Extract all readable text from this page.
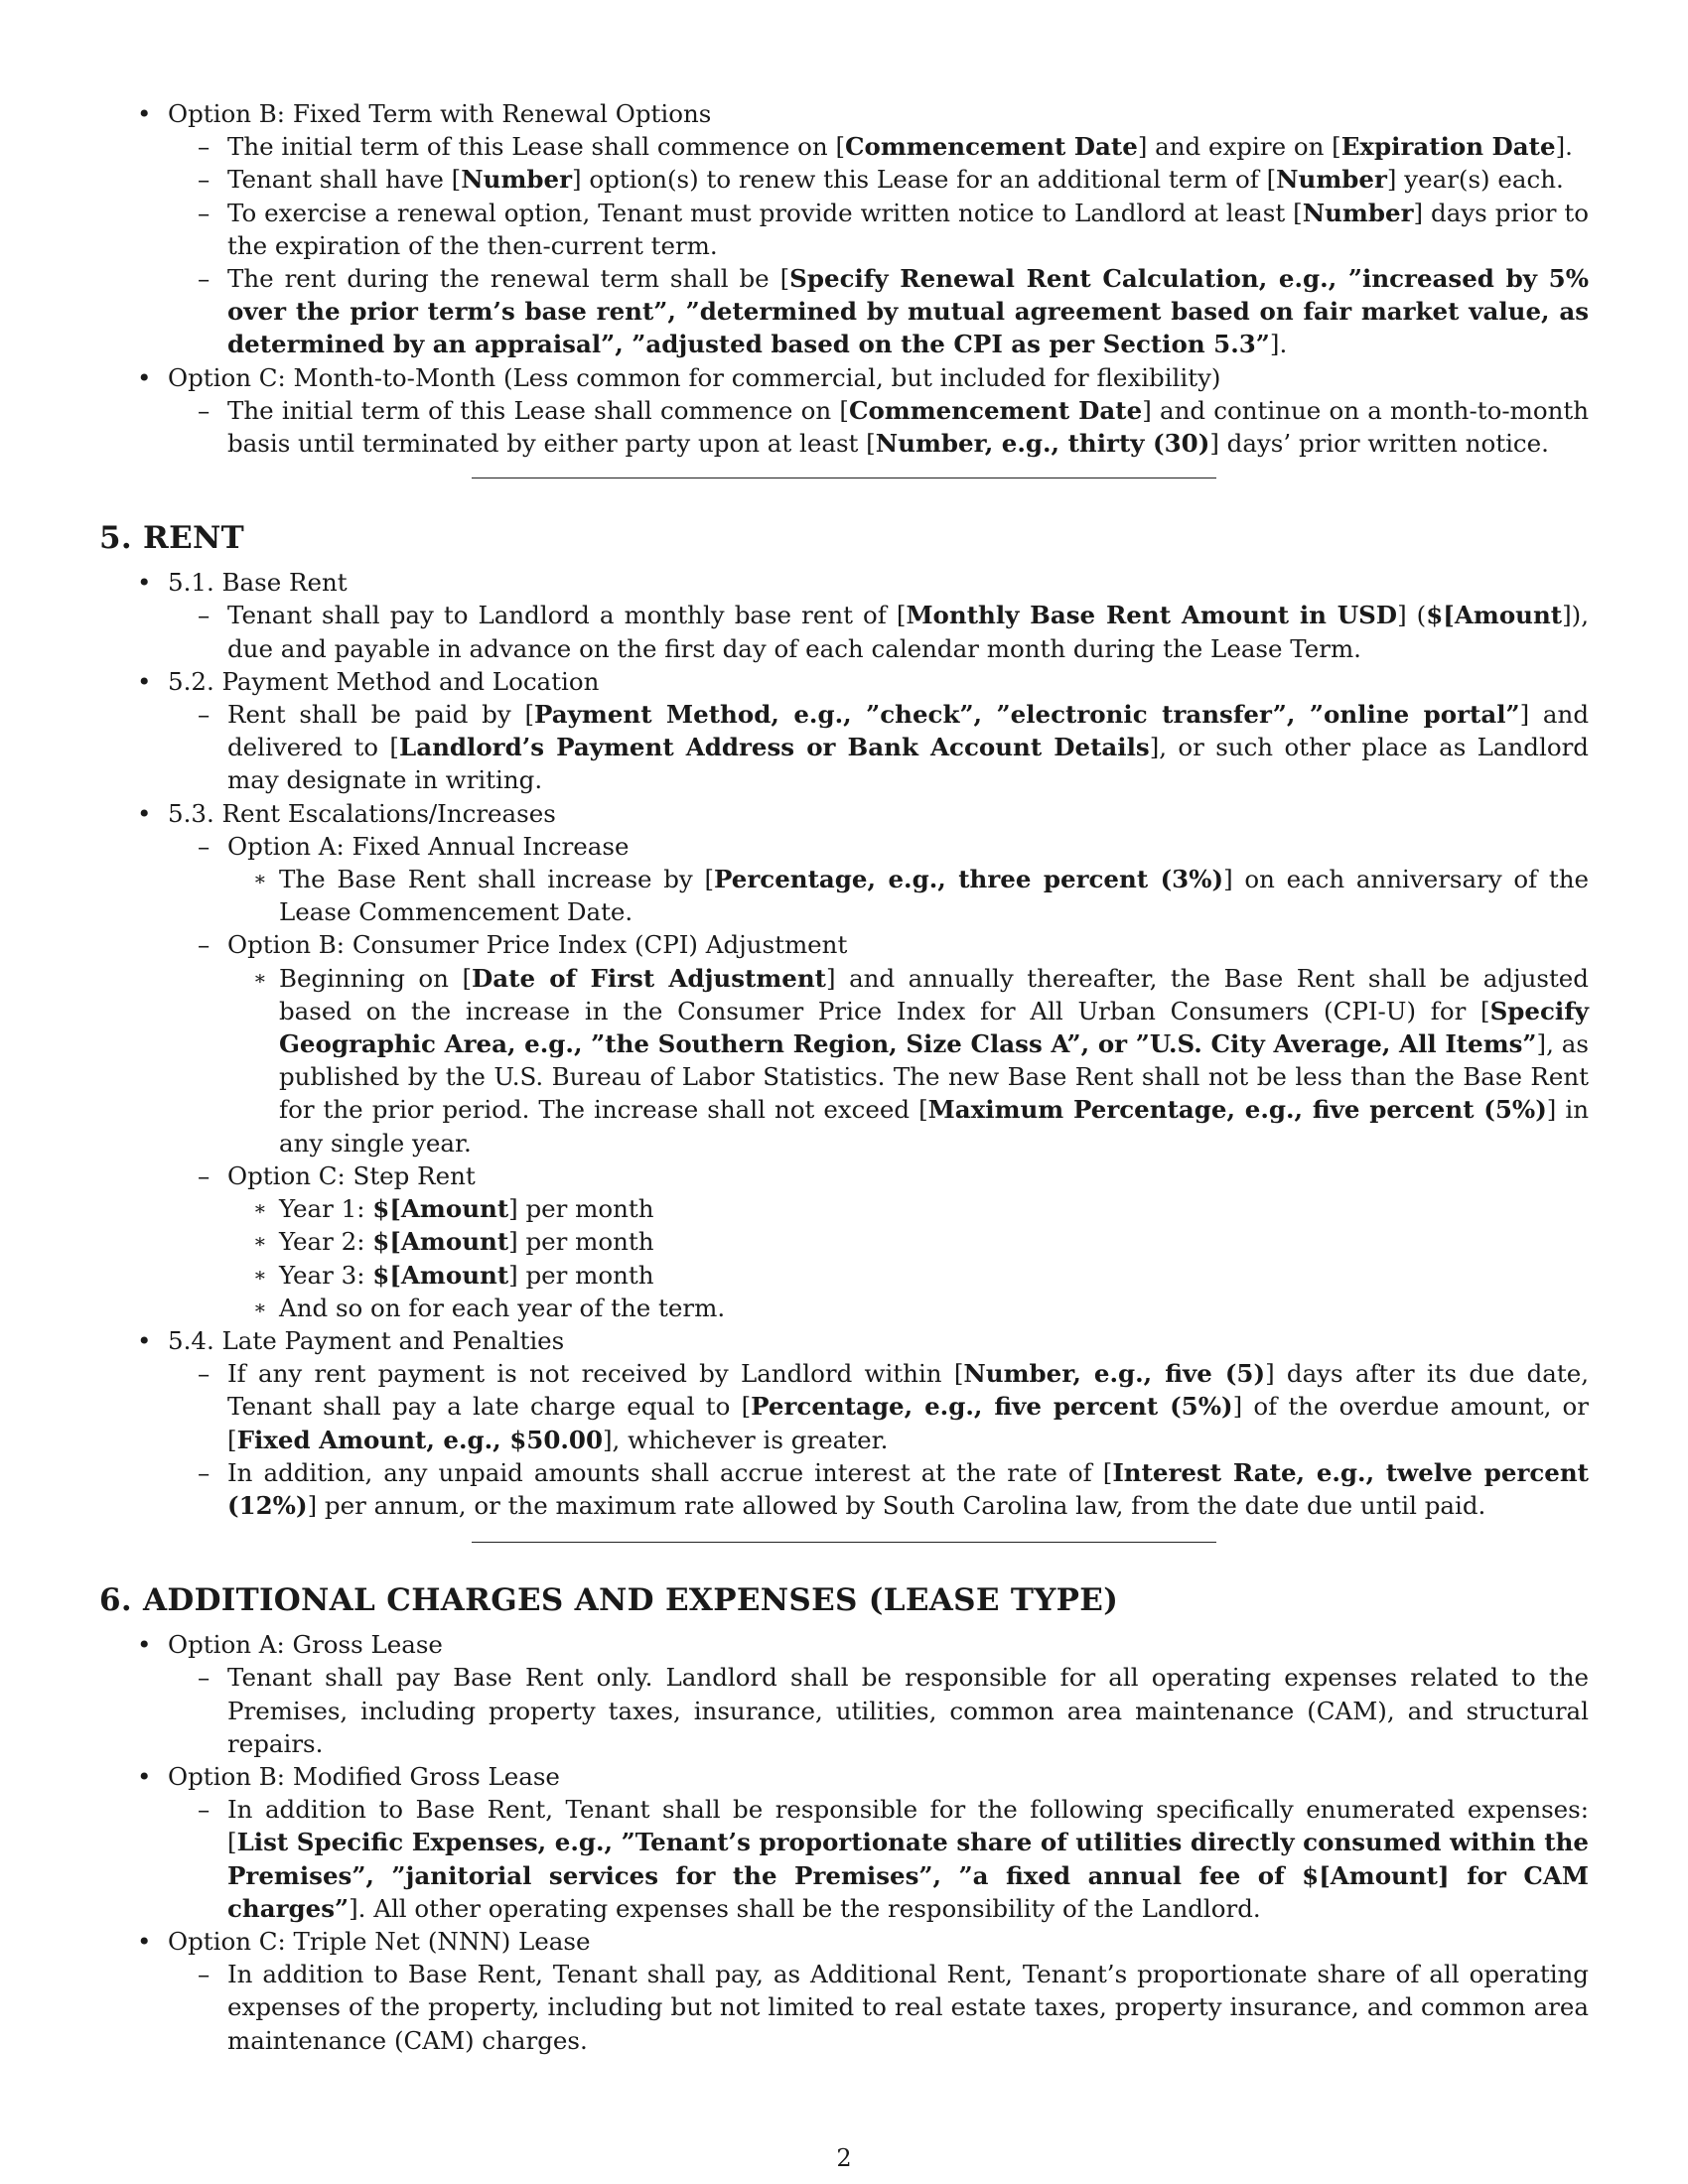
• Option B: Fixed Term with Renewal Options
– The initial term of this Lease shall commence on [Commencement Date] and expire on [Expiration Date].
– Tenant shall have [Number] option(s) to renew this Lease for an additional term of [Number] year(s) each.
– To exercise a renewal option, Tenant must provide written notice to Landlord at least [Number] days prior to the expiration of the then-current term.
– The rent during the renewal term shall be [Specify Renewal Rent Calculation, e.g., ”increased by 5% over the prior term’s base rent”, ”determined by mutual agreement based on fair market value, as determined by an appraisal”, ”adjusted based on the CPI as per Section 5.3”].
• Option C: Month-to-Month (Less common for commercial, but included for flexibility)
– The initial term of this Lease shall commence on [Commencement Date] and continue on a month-to-month basis until terminated by either party upon at least [Number, e.g., thirty (30)] days’ prior written notice.
5. RENT
• 5.1. Base Rent
– Tenant shall pay to Landlord a monthly base rent of [Monthly Base Rent Amount in USD] ($[Amount]), due and payable in advance on the first day of each calendar month during the Lease Term.
• 5.2. Payment Method and Location
– Rent shall be paid by [Payment Method, e.g., ”check”, ”electronic transfer”, ”online portal”] and delivered to [Landlord’s Payment Address or Bank Account Details], or such other place as Landlord may designate in writing.
• 5.3. Rent Escalations/Increases
– Option A: Fixed Annual Increase
∗ The Base Rent shall increase by [Percentage, e.g., three percent (3%)] on each anniversary of the Lease Commencement Date.
– Option B: Consumer Price Index (CPI) Adjustment
∗ Beginning on [Date of First Adjustment] and annually thereafter, the Base Rent shall be adjusted based on the increase in the Consumer Price Index for All Urban Consumers (CPI-U) for [Specify Geographic Area, e.g., ”the Southern Region, Size Class A”, or ”U.S. City Average, All Items”], as published by the U.S. Bureau of Labor Statistics. The new Base Rent shall not be less than the Base Rent for the prior period. The increase shall not exceed [Maximum Percentage, e.g., five percent (5%)] in any single year.
– Option C: Step Rent
∗ Year 1: $[Amount] per month
∗ Year 2: $[Amount] per month
∗ Year 3: $[Amount] per month
∗ And so on for each year of the term.
• 5.4. Late Payment and Penalties
– If any rent payment is not received by Landlord within [Number, e.g., five (5)] days after its due date, Tenant shall pay a late charge equal to [Percentage, e.g., five percent (5%)] of the overdue amount, or [Fixed Amount, e.g., $50.00], whichever is greater.
– In addition, any unpaid amounts shall accrue interest at the rate of [Interest Rate, e.g., twelve percent (12%)] per annum, or the maximum rate allowed by South Carolina law, from the date due until paid.
6. ADDITIONAL CHARGES AND EXPENSES (LEASE TYPE)
• Option A: Gross Lease
– Tenant shall pay Base Rent only. Landlord shall be responsible for all operating expenses related to the Premises, including property taxes, insurance, utilities, common area maintenance (CAM), and structural repairs.
• Option B: Modified Gross Lease
– In addition to Base Rent, Tenant shall be responsible for the following specifically enumerated expenses: [List Specific Expenses, e.g., ”Tenant’s proportionate share of utilities directly consumed within the Premises”, ”janitorial services for the Premises”, ”a fixed annual fee of $[Amount] for CAM charges”]. All other operating expenses shall be the responsibility of the Landlord.
• Option C: Triple Net (NNN) Lease
– In addition to Base Rent, Tenant shall pay, as Additional Rent, Tenant’s proportionate share of all operating expenses of the property, including but not limited to real estate taxes, property insurance, and common area maintenance (CAM) charges.
2
